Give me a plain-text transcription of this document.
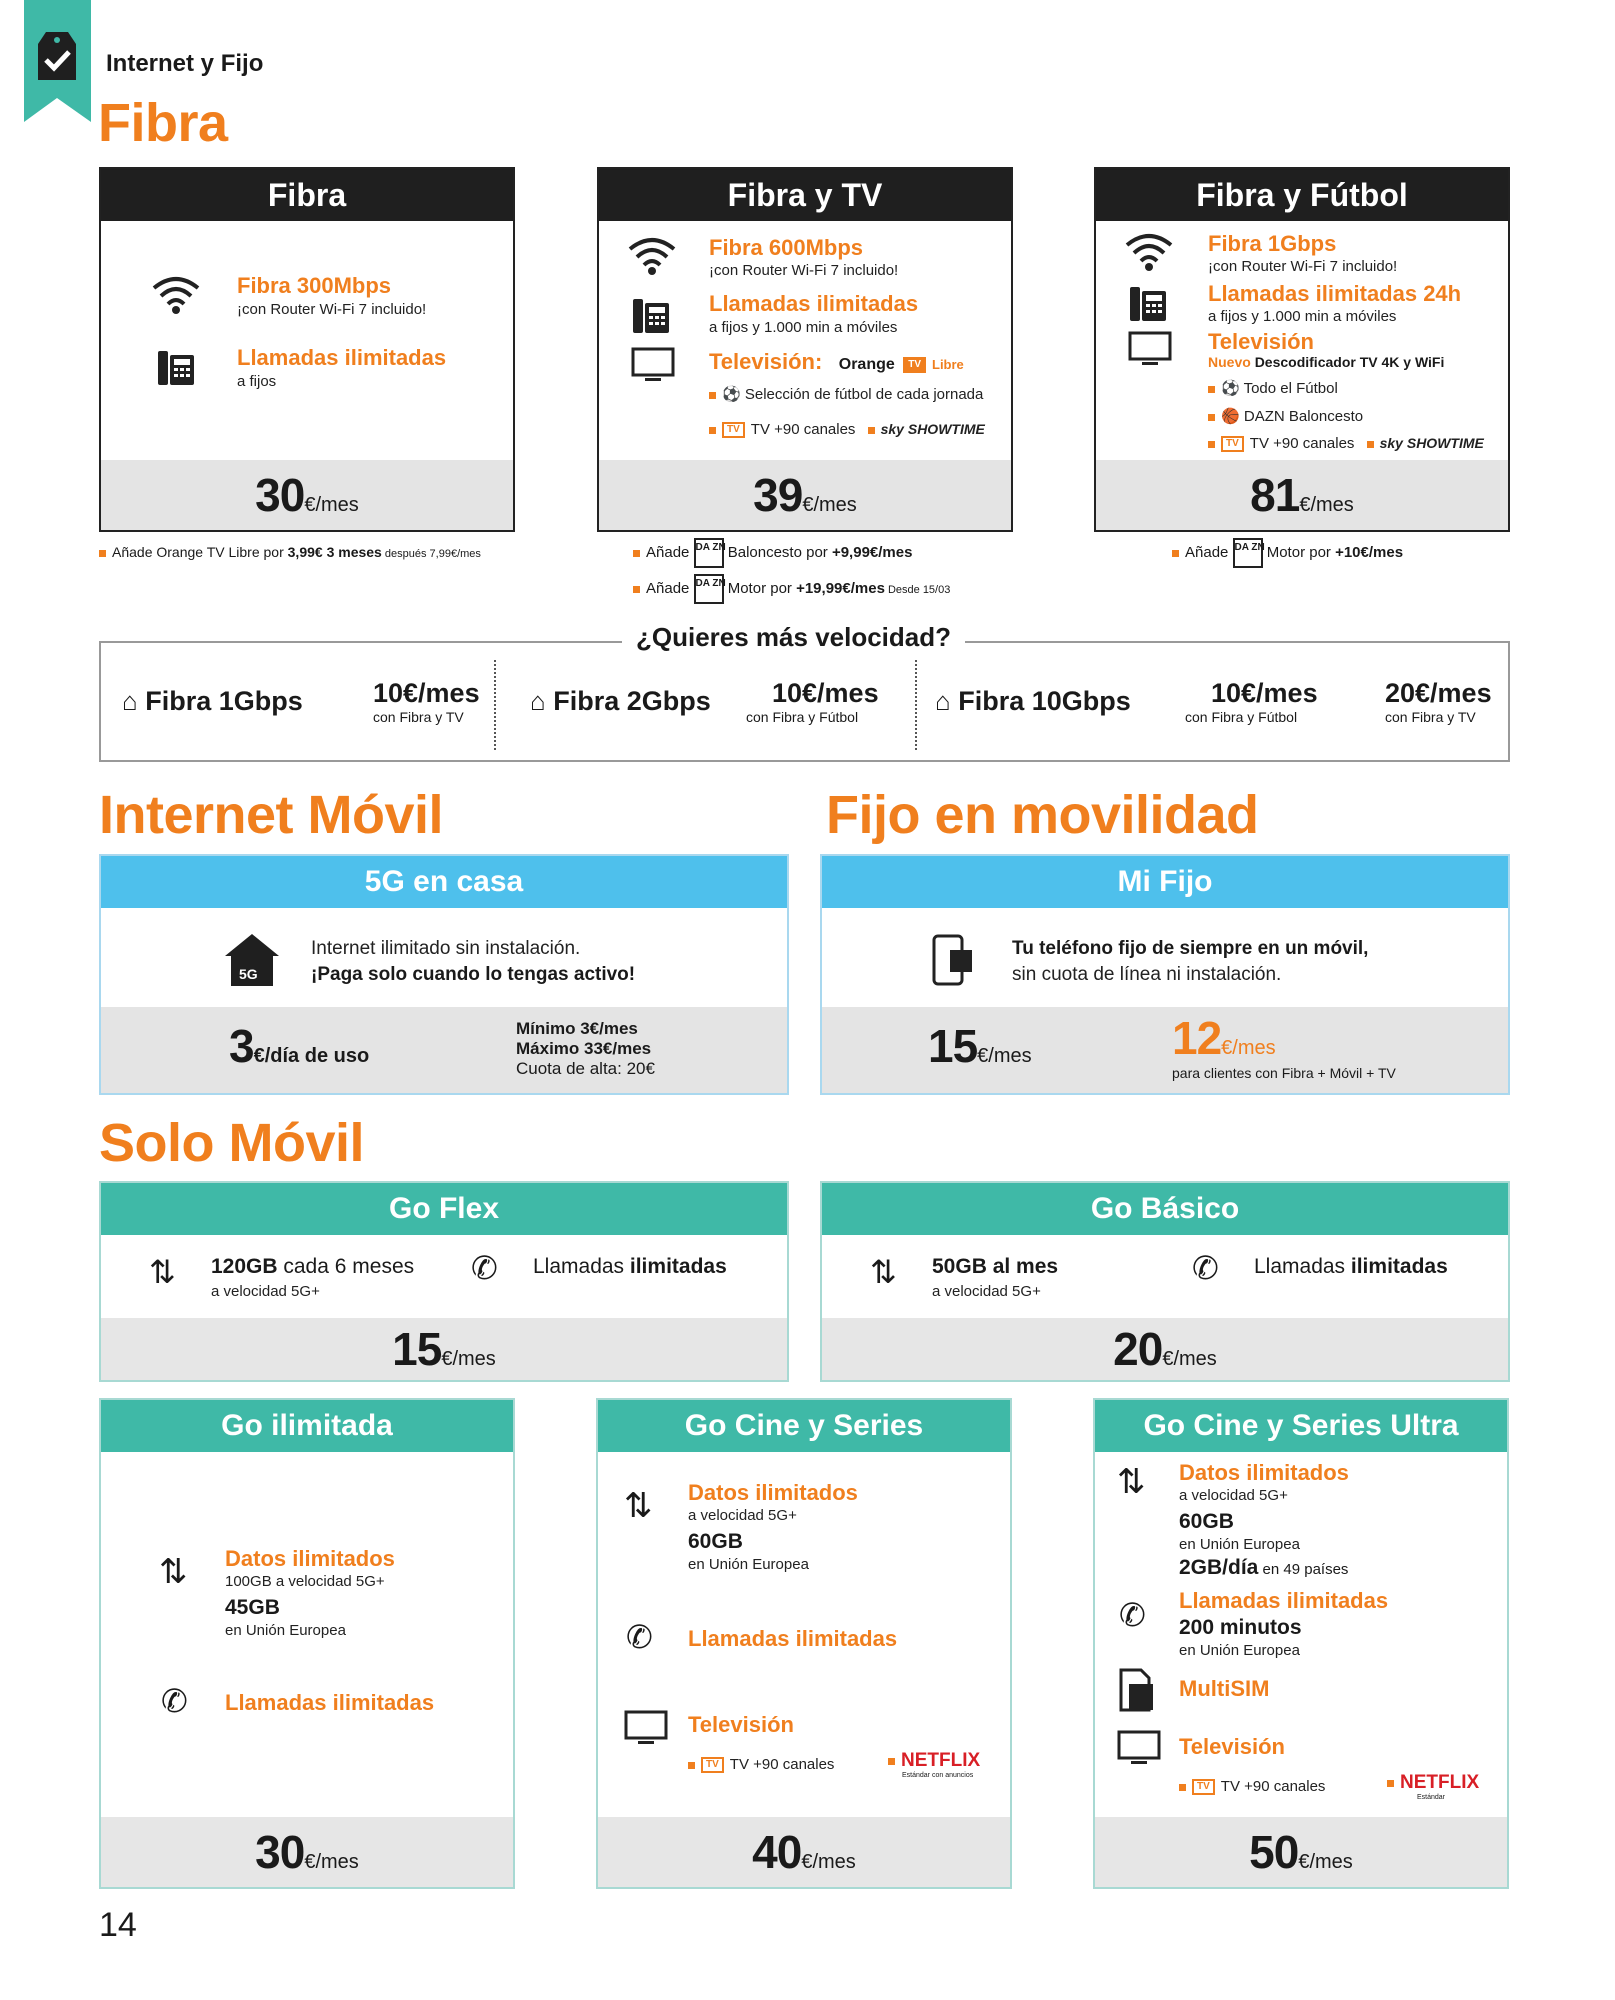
Internet y Fijo
Fibra
Fibra
Fibra 300Mbps
¡con Router Wi-Fi 7 incluido!
Llamadas ilimitadas
a fijos
30€/mes
Fibra y TV
Fibra 600Mbps
¡con Router Wi-Fi 7 incluido!
Llamadas ilimitadas
a fijos y 1.000 min a móviles
Televisión: Orange TV Libre
⚽ Selección de fútbol de cada jornada
TV TV +90 canales sky SHOWTIME
39€/mes
Fibra y Fútbol
Fibra 1Gbps
¡con Router Wi-Fi 7 incluido!
Llamadas ilimitadas 24h
a fijos y 1.000 min a móviles
Televisión
Nuevo Descodificador TV 4K y WiFi
⚽ Todo el Fútbol
🏀 DAZN Baloncesto
TV TV +90 canales sky SHOWTIME
81€/mes
Añade Orange TV Libre por 3,99€ 3 meses después 7,99€/mes	Añade DA ZN Baloncesto por +9,99€/mes
Añade DA ZN Motor por +19,99€/mes Desde 15/03
Añade DA ZN Motor por +10€/mes
¿Quieres más velocidad?
⌂ Fibra 1Gbps	10€/mes
con Fibra y TV
⌂ Fibra 2Gbps 10€/mes
con Fibra y Fútbol
⌂ Fibra 10Gbps	10€/mes
con Fibra y Fútbol
20€/mes
con Fibra y TV
Internet Móvil	Fijo en movilidad
5G en casa
5G
Internet ilimitado sin instalación.
¡Paga solo cuando lo tengas activo!
3€/día de uso
Mínimo 3€/mes
Máximo 33€/mes
Cuota de alta: 20€
Mi Fijo
Tu teléfono fijo de siempre en un móvil,
sin cuota de línea ni instalación.
15€/mes	12€/mes
para clientes con Fibra + Móvil + TV
Solo Móvil
Go Flex
⇅ 120GB cada 6 meses
a velocidad 5G+
✆ Llamadas ilimitadas
15€/mes
Go Básico
⇅ 50GB al mes
a velocidad 5G+
✆ Llamadas ilimitadas
20€/mes
Go ilimitada
⇅ Datos ilimitados
100GB a velocidad 5G+
45GB
en Unión Europea
✆ Llamadas ilimitadas
30€/mes
Go Cine y Series
⇅ Datos ilimitados
a velocidad 5G+
60GB
en Unión Europea
✆ Llamadas ilimitadas
Televisión
TV TV +90 canales	NETFLIX
Estándar con anuncios
40€/mes
Go Cine y Series Ultra
⇅ Datos ilimitados
a velocidad 5G+
60GB
en Unión Europea
2GB/día en 49 países
✆ Llamadas ilimitadas
200 minutos
en Unión Europea
MultiSIM
Televisión
TV TV +90 canales	NETFLIX
Estándar
50€/mes
14
